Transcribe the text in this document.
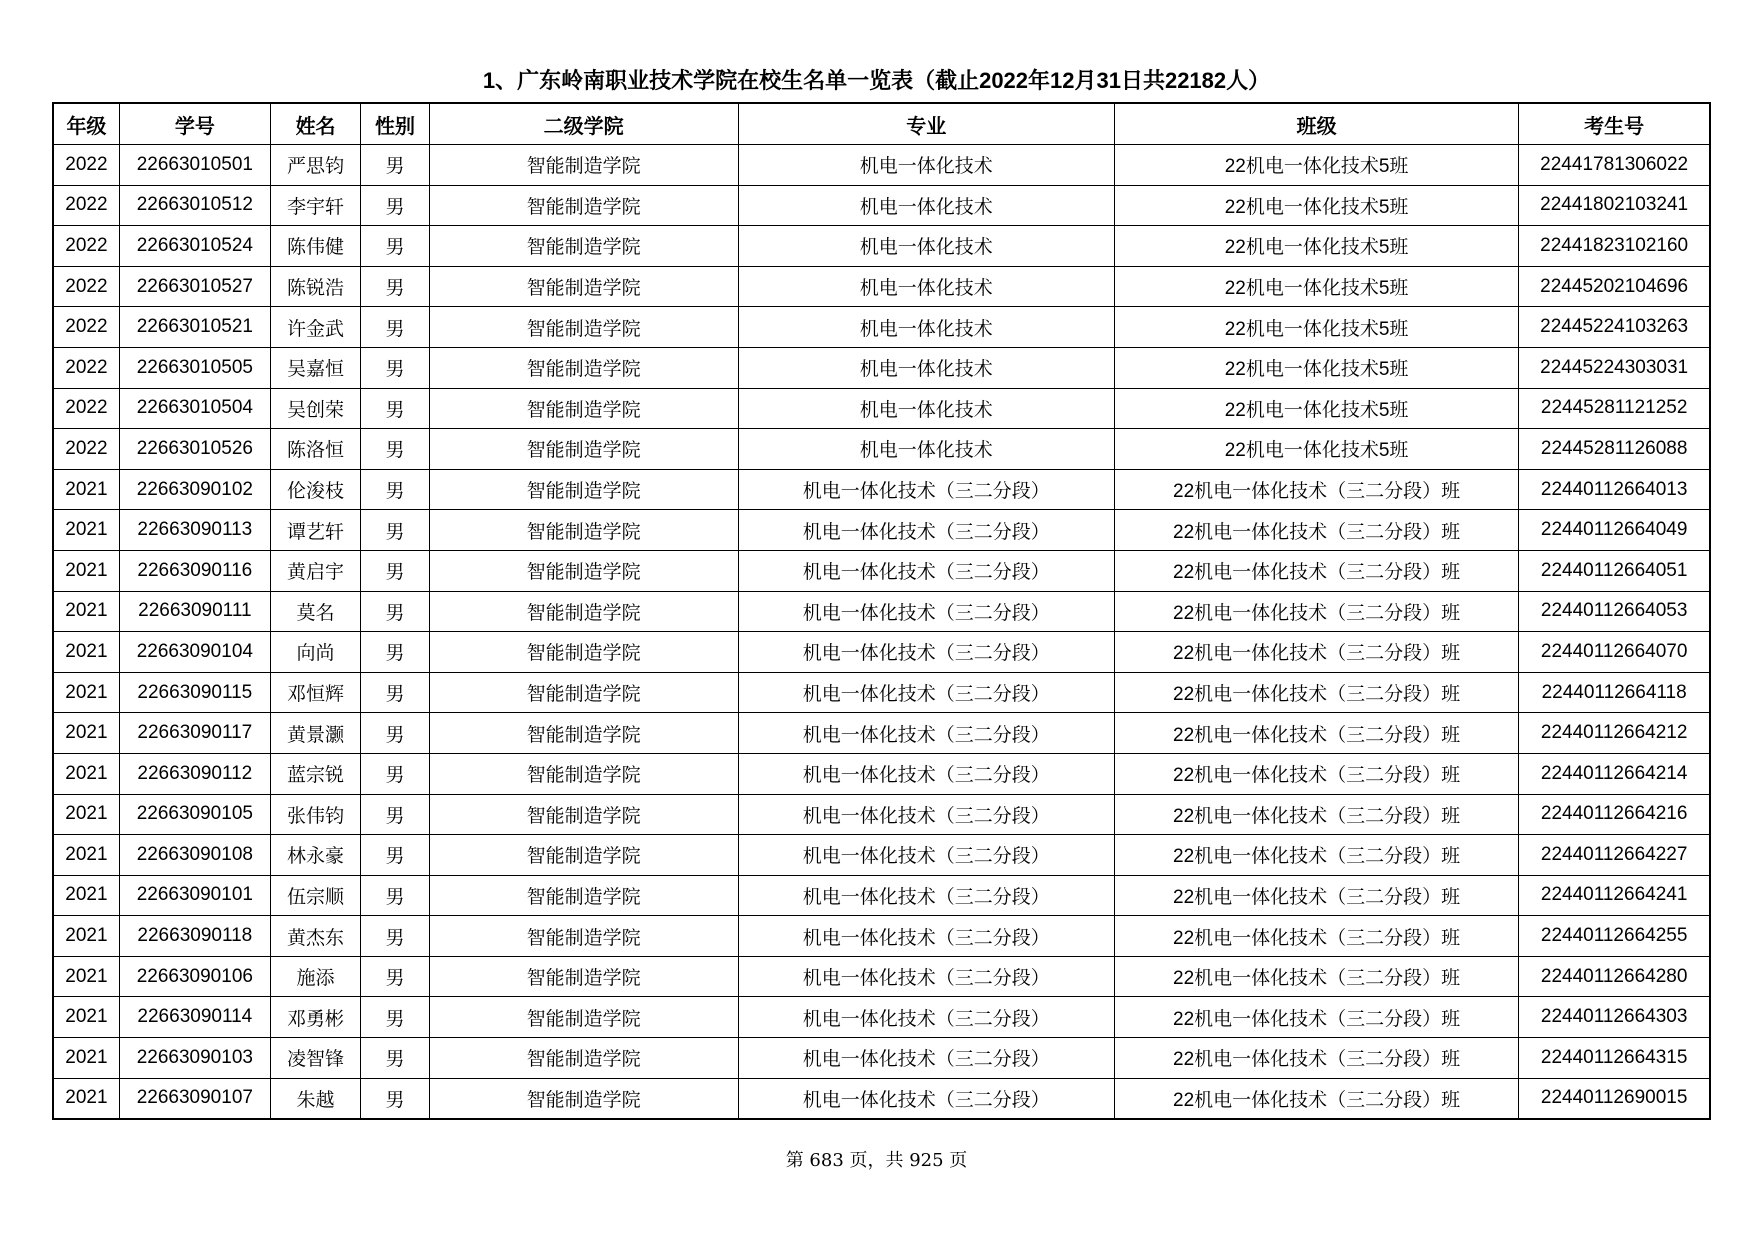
1、广东岭南职业技术学院在校生名单一览表（截止2022年12月31日共22182人）
年级	学号	姓名	性别	二级学院	专业	班级	考生号
2022	22663010501	严思钧	男	智能制造学院	机电一体化技术	22机电一体化技术5班	22441781306022
2022	22663010512	李宇轩	男	智能制造学院	机电一体化技术	22机电一体化技术5班	22441802103241
2022	22663010524	陈伟健	男	智能制造学院	机电一体化技术	22机电一体化技术5班	22441823102160
2022	22663010527	陈锐浩	男	智能制造学院	机电一体化技术	22机电一体化技术5班	22445202104696
2022	22663010521	许金武	男	智能制造学院	机电一体化技术	22机电一体化技术5班	22445224103263
2022	22663010505	吴嘉恒	男	智能制造学院	机电一体化技术	22机电一体化技术5班	22445224303031
2022	22663010504	吴创荣	男	智能制造学院	机电一体化技术	22机电一体化技术5班	22445281121252
2022	22663010526	陈洛恒	男	智能制造学院	机电一体化技术	22机电一体化技术5班	22445281126088
2021	22663090102	伦浚枝	男	智能制造学院	机电一体化技术（三二分段）	22机电一体化技术（三二分段）班	22440112664013
2021	22663090113	谭艺轩	男	智能制造学院	机电一体化技术（三二分段）	22机电一体化技术（三二分段）班	22440112664049
2021	22663090116	黄启宇	男	智能制造学院	机电一体化技术（三二分段）	22机电一体化技术（三二分段）班	22440112664051
2021	22663090111	莫名	男	智能制造学院	机电一体化技术（三二分段）	22机电一体化技术（三二分段）班	22440112664053
2021	22663090104	向尚	男	智能制造学院	机电一体化技术（三二分段）	22机电一体化技术（三二分段）班	22440112664070
2021	22663090115	邓恒辉	男	智能制造学院	机电一体化技术（三二分段）	22机电一体化技术（三二分段）班	22440112664118
2021	22663090117	黄景灏	男	智能制造学院	机电一体化技术（三二分段）	22机电一体化技术（三二分段）班	22440112664212
2021	22663090112	蓝宗锐	男	智能制造学院	机电一体化技术（三二分段）	22机电一体化技术（三二分段）班	22440112664214
2021	22663090105	张伟钧	男	智能制造学院	机电一体化技术（三二分段）	22机电一体化技术（三二分段）班	22440112664216
2021	22663090108	林永豪	男	智能制造学院	机电一体化技术（三二分段）	22机电一体化技术（三二分段）班	22440112664227
2021	22663090101	伍宗顺	男	智能制造学院	机电一体化技术（三二分段）	22机电一体化技术（三二分段）班	22440112664241
2021	22663090118	黄杰东	男	智能制造学院	机电一体化技术（三二分段）	22机电一体化技术（三二分段）班	22440112664255
2021	22663090106	施添	男	智能制造学院	机电一体化技术（三二分段）	22机电一体化技术（三二分段）班	22440112664280
2021	22663090114	邓勇彬	男	智能制造学院	机电一体化技术（三二分段）	22机电一体化技术（三二分段）班	22440112664303
2021	22663090103	凌智锋	男	智能制造学院	机电一体化技术（三二分段）	22机电一体化技术（三二分段）班	22440112664315
2021	22663090107	朱越	男	智能制造学院	机电一体化技术（三二分段）	22机电一体化技术（三二分段）班	22440112690015
第 683 页，共 925 页
